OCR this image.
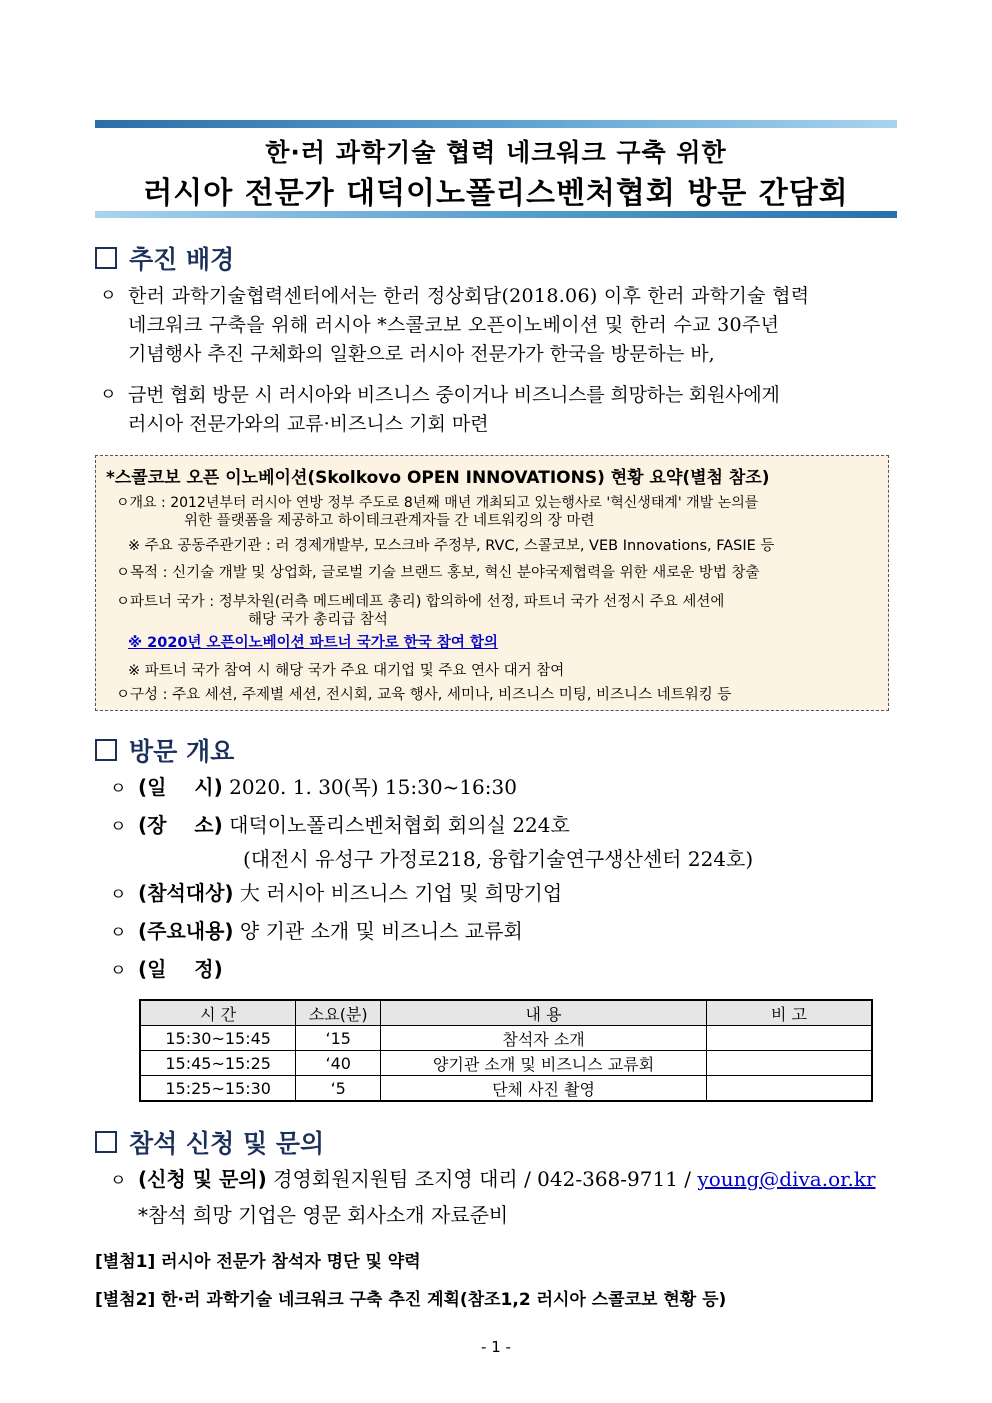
한·러 과학기술 협력 네크워크 구축 위한
러시아 전문가 대덕이노폴리스벤처협회 방문 간담회
추진 배경
ㅇ 한러 과학기술협력센터에서는 한러 정상회담(2018.06) 이후 한러 과학기술 협력
네크워크 구축을 위해 러시아 *스콜코보 오픈이노베이션 및 한러 수교 30주년
기념행사 추진 구체화의 일환으로 러시아 전문가가 한국을 방문하는 바,
ㅇ 금번 협회 방문 시 러시아와 비즈니스 중이거나 비즈니스를 희망하는 회원사에게
러시아 전문가와의 교류·비즈니스 기회 마련
*스콜코보 오픈 이노베이션(Skolkovo OPEN INNOVATIONS) 현황 요약(별첨 참조)
ㅇ개요 : 2012년부터 러시아 연방 정부 주도로 8년째 매년 개최되고 있는행사로 '혁신생태계' 개발 논의를
위한 플랫폼을 제공하고 하이테크관계자들 간 네트워킹의 장 마련
※ 주요 공동주관기관 : 러 경제개발부, 모스크바 주정부, RVC, 스콜코보, VEB Innovations, FASIE 등
ㅇ목적 : 신기술 개발 및 상업화, 글로벌 기술 브랜드 홍보, 혁신 분야국제협력을 위한 새로운 방법 창출
ㅇ파트너 국가 : 정부차원(러측 메드베데프 총리) 합의하에 선정, 파트너 국가 선정시 주요 세션에
해당 국가 총리급 참석
※ 2020년 오픈이노베이션 파트너 국가로 한국 참여 합의
※ 파트너 국가 참여 시 해당 국가 주요 대기업 및 주요 연사 대거 참여
ㅇ구성 : 주요 세션, 주제별 세션, 전시회, 교육 행사, 세미나, 비즈니스 미팅, 비즈니스 네트워킹 등
방문 개요
ㅇ (일    시) 2020. 1. 30(목) 15:30~16:30
ㅇ (장    소) 대덕이노폴리스벤처협회 회의실 224호
(대전시 유성구 가정로218, 융합기술연구생산센터 224호)
ㅇ (참석대상) 大 러시아 비즈니스 기업 및 희망기업
ㅇ (주요내용) 양 기관 소개 및 비즈니스 교류회
ㅇ (일    정)
시 간	소요(분)	내 용	비 고
15:30~15:45	‘15	참석자 소개	
15:45~15:25	‘40	양기관 소개 및 비즈니스 교류회	
15:25~15:30	‘5	단체 사진 촬영	
참석 신청 및 문의
ㅇ (신청 및 문의) 경영회원지원팀 조지영 대리 / 042-368-9711 / young@diva.or.kr
*참석 희망 기업은 영문 회사소개 자료준비
[별첨1] 러시아 전문가 참석자 명단 및 약력
[별첨2] 한·러 과학기술 네크워크 구축 추진 계획(참조1,2 러시아 스콜코보 현황 등)
- 1 -
